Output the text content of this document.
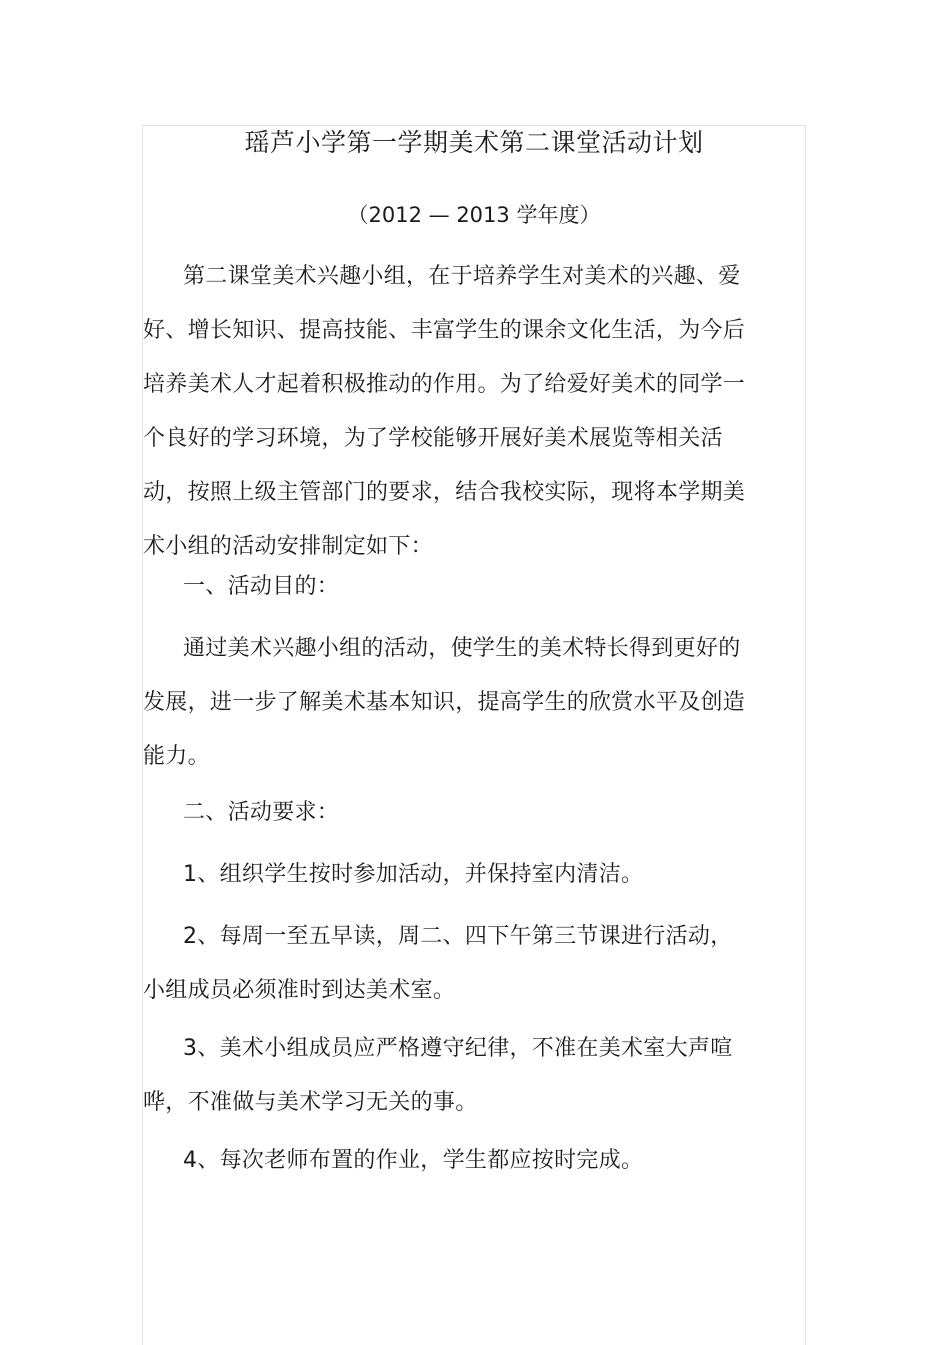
瑶芦小学第一学期美术第二课堂活动计划
（2012 — 2013 学年度）

第二课堂美术兴趣小组，在于培养学生对美术的兴趣、爱好、增长知识、提高技能、丰富学生的课余文化生活，为今后培养美术人才起着积极推动的作用。为了给爱好美术的同学一个良好的学习环境，为了学校能够开展好美术展览等相关活动，按照上级主管部门的要求，结合我校实际，现将本学期美术小组的活动安排制定如下：

一、活动目的：

通过美术兴趣小组的活动，使学生的美术特长得到更好的发展，进一步了解美术基本知识，提高学生的欣赏水平及创造能力。

二、活动要求：

1、组织学生按时参加活动，并保持室内清洁。

2、每周一至五早读，周二、四下午第三节课进行活动，小组成员必须准时到达美术室。

3、美术小组成员应严格遵守纪律，不准在美术室大声喧哗，不准做与美术学习无关的事。

4、每次老师布置的作业，学生都应按时完成。
